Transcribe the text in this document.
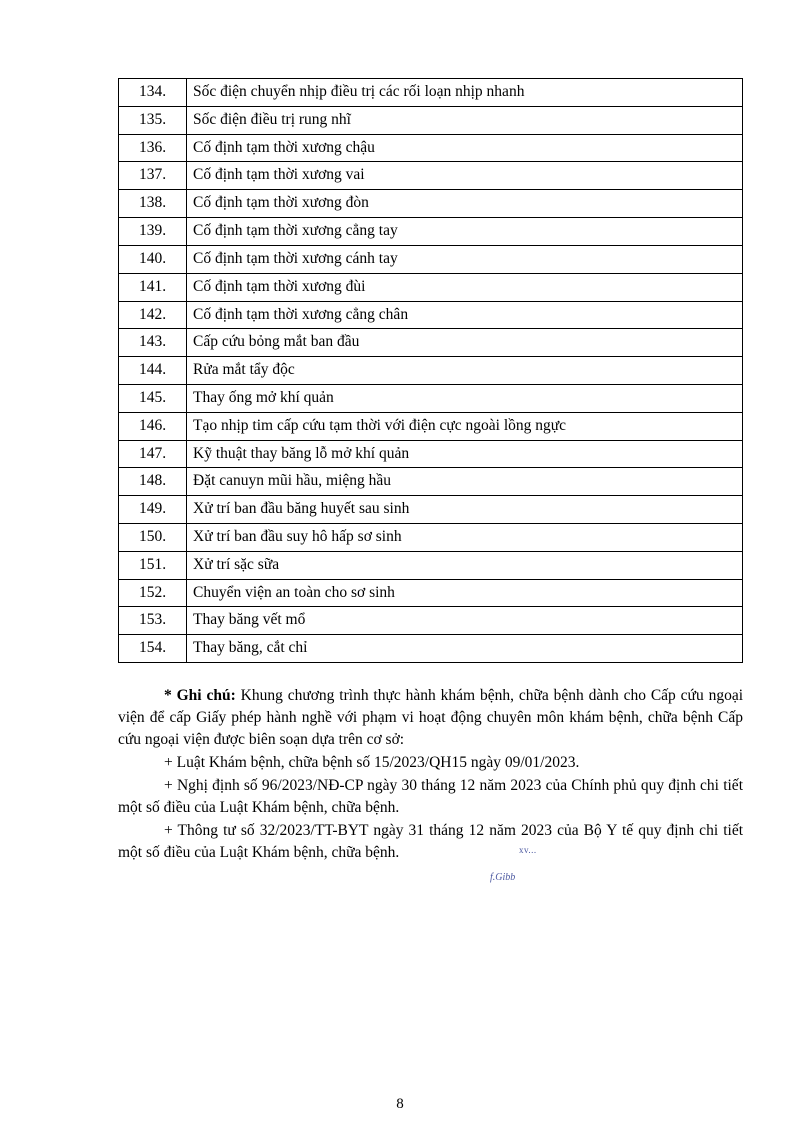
134.	Sốc điện chuyển nhịp điều trị các rối loạn nhịp nhanh
135.	Sốc điện điều trị rung nhĩ
136.	Cố định tạm thời xương chậu
137.	Cố định tạm thời xương vai
138.	Cố định tạm thời xương đòn
139.	Cố định tạm thời xương cẳng tay
140.	Cố định tạm thời xương cánh tay
141.	Cố định tạm thời xương đùi
142.	Cố định tạm thời xương cẳng chân
143.	Cấp cứu bỏng mắt ban đầu
144.	Rửa mắt tẩy độc
145.	Thay ống mở khí quản
146.	Tạo nhịp tim cấp cứu tạm thời với điện cực ngoài lồng ngực
147.	Kỹ thuật thay băng lỗ mở khí quản
148.	Đặt canuyn mũi hầu, miệng hầu
149.	Xử trí ban đầu băng huyết sau sinh
150.	Xử trí ban đầu suy hô hấp sơ sinh
151.	Xử trí sặc sữa
152.	Chuyển viện an toàn cho sơ sinh
153.	Thay băng vết mổ
154.	Thay băng, cắt chỉ

* Ghi chú: Khung chương trình thực hành khám bệnh, chữa bệnh dành cho Cấp cứu ngoại viện để cấp Giấy phép hành nghề với phạm vi hoạt động chuyên môn khám bệnh, chữa bệnh Cấp cứu ngoại viện được biên soạn dựa trên cơ sở:

+ Luật Khám bệnh, chữa bệnh số 15/2023/QH15 ngày 09/01/2023.

+ Nghị định số 96/2023/NĐ-CP ngày 30 tháng 12 năm 2023 của Chính phủ quy định chi tiết một số điều của Luật Khám bệnh, chữa bệnh.

+ Thông tư số 32/2023/TT-BYT ngày 31 tháng 12 năm 2023 của Bộ Y tế quy định chi tiết một số điều của Luật Khám bệnh, chữa bệnh.	xv...
f.Gibb
8
